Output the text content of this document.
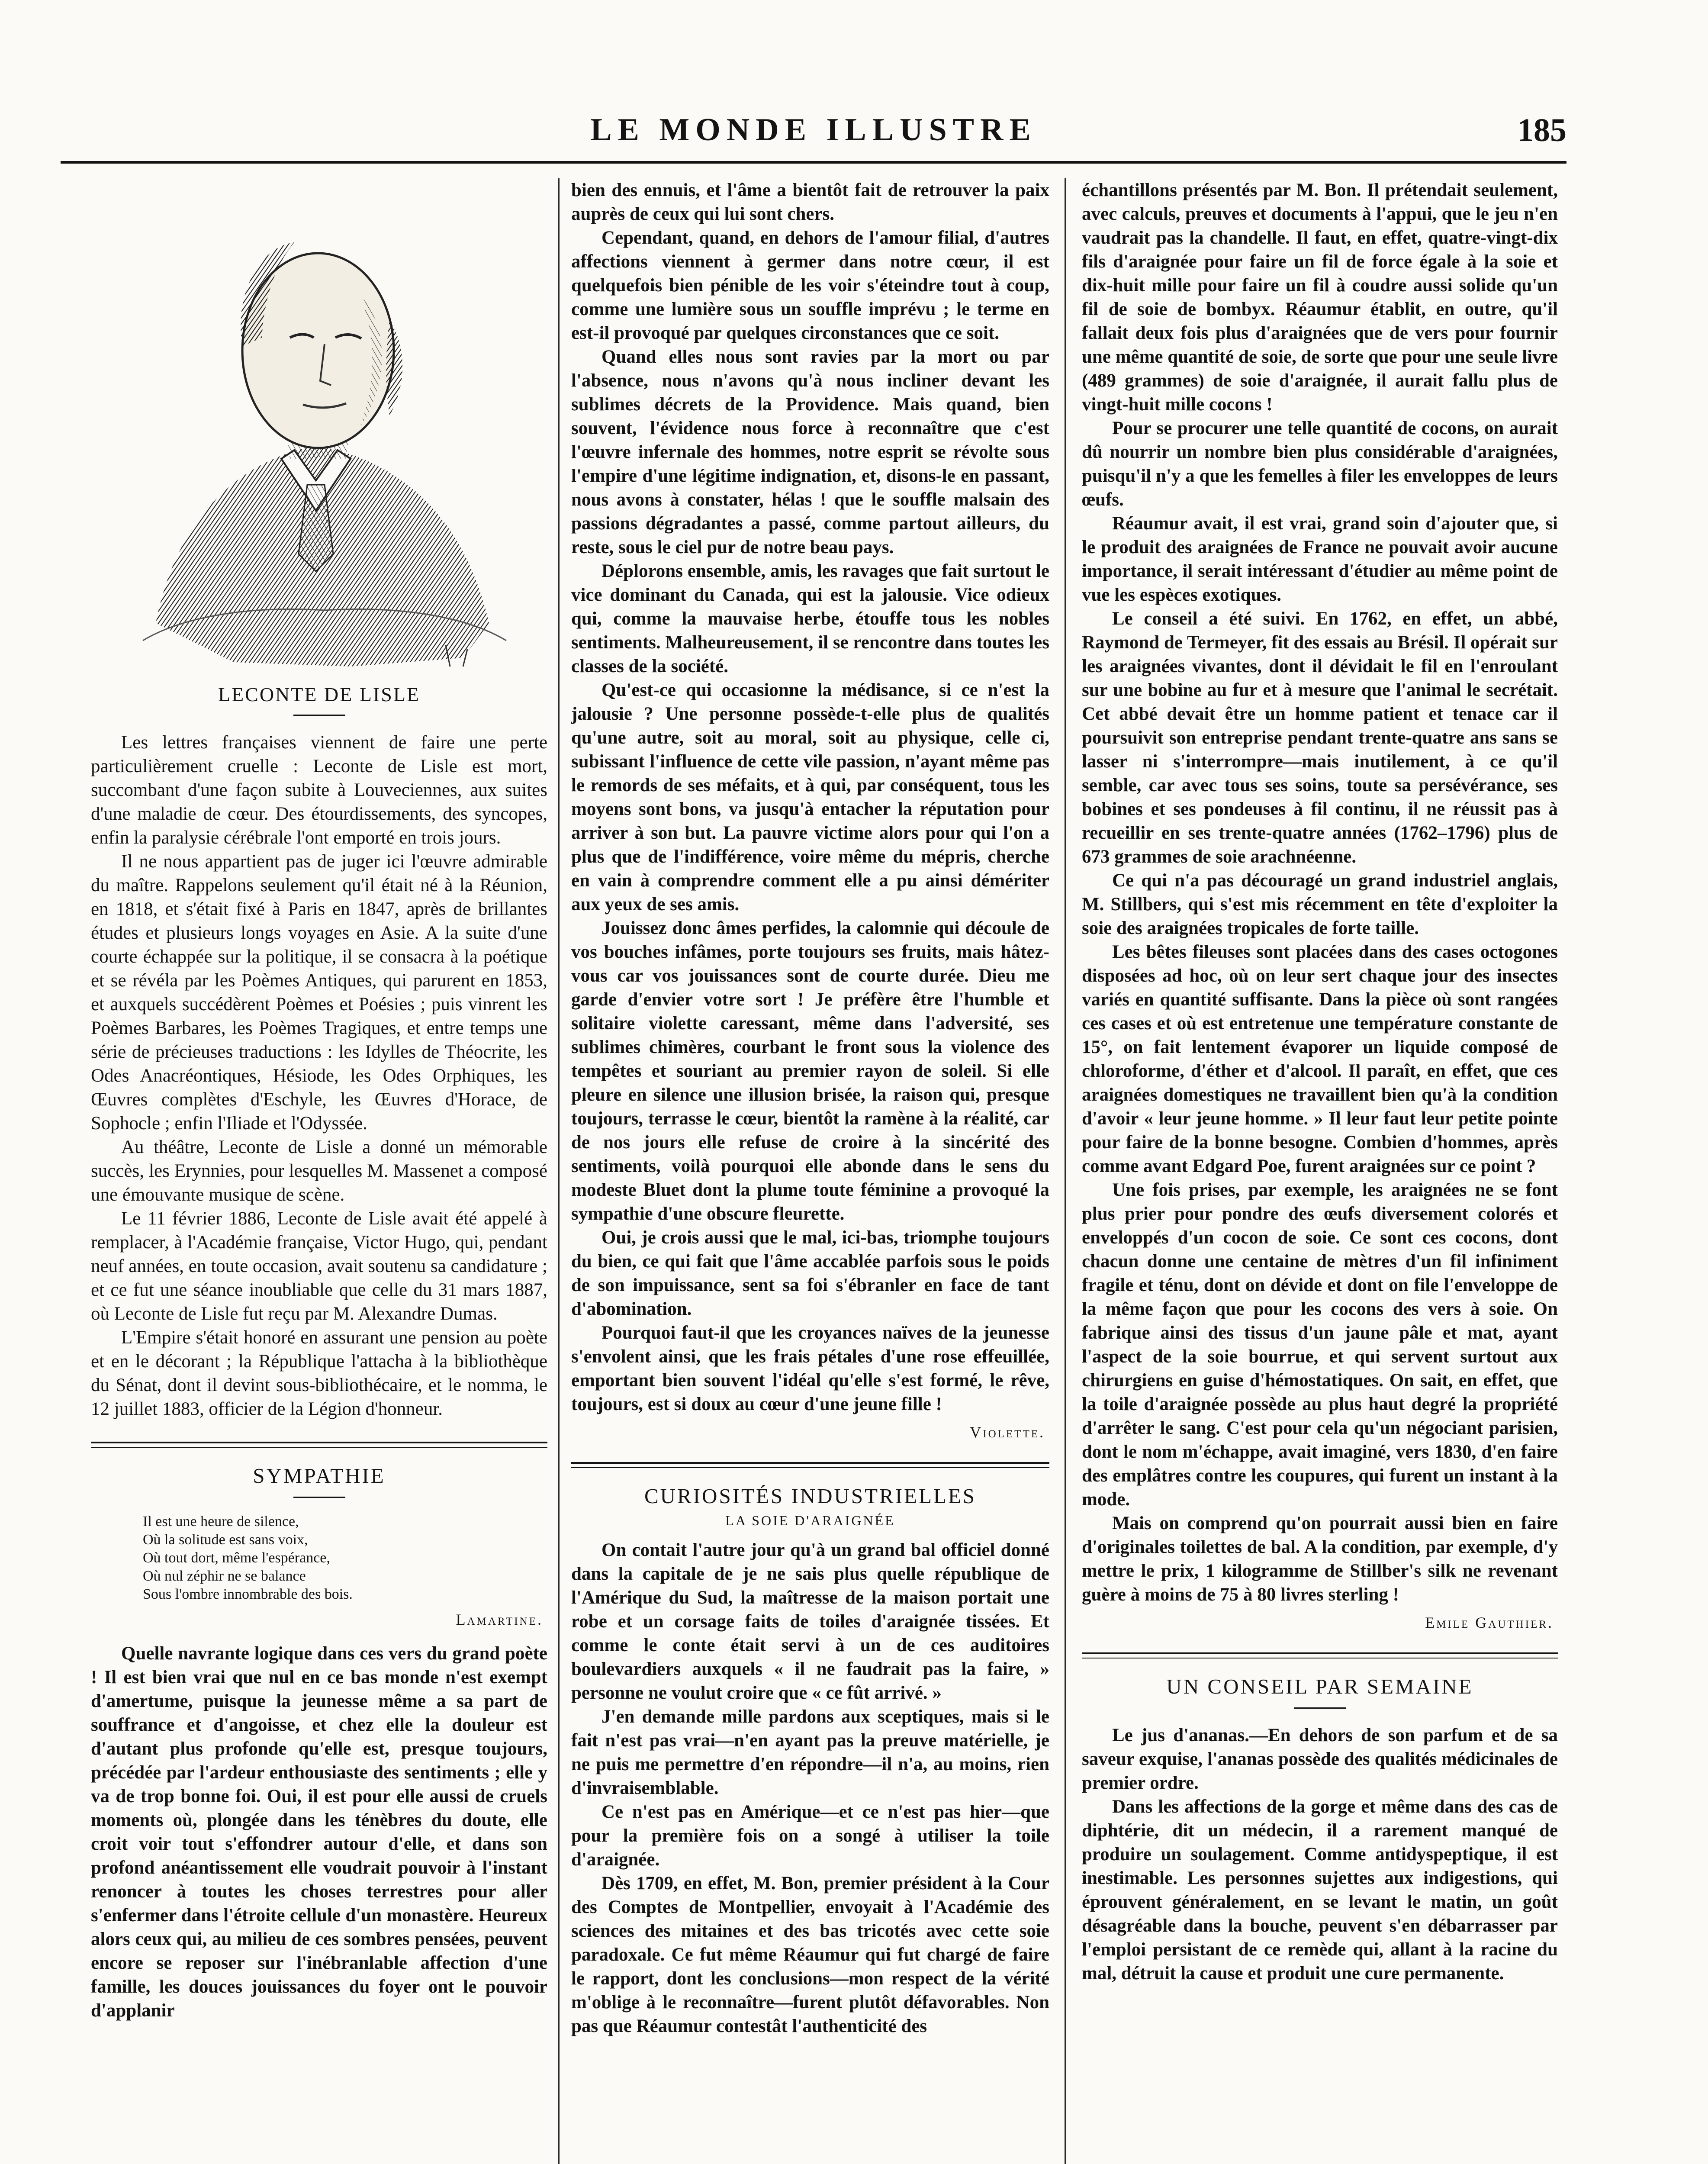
LE MONDE ILLUSTRE	185
LECONTE DE LISLE

Les lettres françaises viennent de faire une perte particulièrement cruelle : Leconte de Lisle est mort, succombant d'une façon subite à Louveciennes, aux suites d'une maladie de cœur. Des étourdissements, des syncopes, enfin la paralysie cérébrale l'ont emporté en trois jours.

Il ne nous appartient pas de juger ici l'œuvre admirable du maître. Rappelons seulement qu'il était né à la Réunion, en 1818, et s'était fixé à Paris en 1847, après de brillantes études et plusieurs longs voyages en Asie. A la suite d'une courte échappée sur la politique, il se consacra à la poétique et se révéla par les Poèmes Antiques, qui parurent en 1853, et auxquels succédèrent Poèmes et Poésies ; puis vinrent les Poèmes Barbares, les Poèmes Tragiques, et entre temps une série de précieuses traductions : les Idylles de Théocrite, les Odes Anacréontiques, Hésiode, les Odes Orphiques, les Œuvres complètes d'Eschyle, les Œuvres d'Horace, de Sophocle ; enfin l'Iliade et l'Odyssée.

Au théâtre, Leconte de Lisle a donné un mémorable succès, les Erynnies, pour lesquelles M. Massenet a composé une émouvante musique de scène.

Le 11 février 1886, Leconte de Lisle avait été appelé à remplacer, à l'Académie française, Victor Hugo, qui, pendant neuf années, en toute occasion, avait soutenu sa candidature ; et ce fut une séance inoubliable que celle du 31 mars 1887, où Leconte de Lisle fut reçu par M. Alexandre Dumas.

L'Empire s'était honoré en assurant une pension au poète et en le décorant ; la République l'attacha à la bibliothèque du Sénat, dont il devint sous-bibliothécaire, et le nomma, le 12 juillet 1883, officier de la Légion d'honneur.

SYMPATHIE
Il est une heure de silence,
Où la solitude est sans voix,
Où tout dort, même l'espérance,
Où nul zéphir ne se balance
Sous l'ombre innombrable des bois.
Lamartine.

Quelle navrante logique dans ces vers du grand poète ! Il est bien vrai que nul en ce bas monde n'est exempt d'amertume, puisque la jeunesse même a sa part de souffrance et d'angoisse, et chez elle la douleur est d'autant plus profonde qu'elle est, presque toujours, précédée par l'ardeur enthousiaste des sentiments ; elle y va de trop bonne foi. Oui, il est pour elle aussi de cruels moments où, plongée dans les ténèbres du doute, elle croit voir tout s'effondrer autour d'elle, et dans son profond anéantissement elle voudrait pouvoir à l'instant renoncer à toutes les choses terrestres pour aller s'enfermer dans l'étroite cellule d'un monastère. Heureux alors ceux qui, au milieu de ces sombres pensées, peuvent encore se reposer sur l'inébranlable affection d'une famille, les douces jouissances du foyer ont le pouvoir d'applanir

bien des ennuis, et l'âme a bientôt fait de retrouver la paix auprès de ceux qui lui sont chers.

Cependant, quand, en dehors de l'amour filial, d'autres affections viennent à germer dans notre cœur, il est quelquefois bien pénible de les voir s'éteindre tout à coup, comme une lumière sous un souffle imprévu ; le terme en est-il provoqué par quelques circonstances que ce soit.

Quand elles nous sont ravies par la mort ou par l'absence, nous n'avons qu'à nous incliner devant les sublimes décrets de la Providence. Mais quand, bien souvent, l'évidence nous force à reconnaître que c'est l'œuvre infernale des hommes, notre esprit se révolte sous l'empire d'une légitime indignation, et, disons-le en passant, nous avons à constater, hélas ! que le souffle malsain des passions dégradantes a passé, comme partout ailleurs, du reste, sous le ciel pur de notre beau pays.

Déplorons ensemble, amis, les ravages que fait surtout le vice dominant du Canada, qui est la jalousie. Vice odieux qui, comme la mauvaise herbe, étouffe tous les nobles sentiments. Malheureusement, il se rencontre dans toutes les classes de la société.

Qu'est-ce qui occasionne la médisance, si ce n'est la jalousie ? Une personne possède-t-elle plus de qualités qu'une autre, soit au moral, soit au physique, celle ci, subissant l'influence de cette vile passion, n'ayant même pas le remords de ses méfaits, et à qui, par conséquent, tous les moyens sont bons, va jusqu'à entacher la réputation pour arriver à son but. La pauvre victime alors pour qui l'on a plus que de l'indifférence, voire même du mépris, cherche en vain à comprendre comment elle a pu ainsi démériter aux yeux de ses amis.

Jouissez donc âmes perfides, la calomnie qui découle de vos bouches infâmes, porte toujours ses fruits, mais hâtez-vous car vos jouissances sont de courte durée. Dieu me garde d'envier votre sort ! Je préfère être l'humble et solitaire violette caressant, même dans l'adversité, ses sublimes chimères, courbant le front sous la violence des tempêtes et souriant au premier rayon de soleil. Si elle pleure en silence une illusion brisée, la raison qui, presque toujours, terrasse le cœur, bientôt la ramène à la réalité, car de nos jours elle refuse de croire à la sincérité des sentiments, voilà pourquoi elle abonde dans le sens du modeste Bluet dont la plume toute féminine a provoqué la sympathie d'une obscure fleurette.

Oui, je crois aussi que le mal, ici-bas, triomphe toujours du bien, ce qui fait que l'âme accablée parfois sous le poids de son impuissance, sent sa foi s'ébranler en face de tant d'abomination.

Pourquoi faut-il que les croyances naïves de la jeunesse s'envolent ainsi, que les frais pétales d'une rose effeuillée, emportant bien souvent l'idéal qu'elle s'est formé, le rêve, toujours, est si doux au cœur d'une jeune fille !

Violette.
CURIOSITÉS INDUSTRIELLES
LA SOIE D'ARAIGNÉE

On contait l'autre jour qu'à un grand bal officiel donné dans la capitale de je ne sais plus quelle république de l'Amérique du Sud, la maîtresse de la maison portait une robe et un corsage faits de toiles d'araignée tissées. Et comme le conte était servi à un de ces auditoires boulevardiers auxquels « il ne faudrait pas la faire, » personne ne voulut croire que « ce fût arrivé. »

J'en demande mille pardons aux sceptiques, mais si le fait n'est pas vrai—n'en ayant pas la preuve matérielle, je ne puis me permettre d'en répondre—il n'a, au moins, rien d'invraisemblable.

Ce n'est pas en Amérique—et ce n'est pas hier—que pour la première fois on a songé à utiliser la toile d'araignée.

Dès 1709, en effet, M. Bon, premier président à la Cour des Comptes de Montpellier, envoyait à l'Académie des sciences des mitaines et des bas tricotés avec cette soie paradoxale. Ce fut même Réaumur qui fut chargé de faire le rapport, dont les conclusions—mon respect de la vérité m'oblige à le reconnaître—furent plutôt défavorables. Non pas que Réaumur contestât l'authenticité des

échantillons présentés par M. Bon. Il prétendait seulement, avec calculs, preuves et documents à l'appui, que le jeu n'en vaudrait pas la chandelle. Il faut, en effet, quatre-vingt-dix fils d'araignée pour faire un fil de force égale à la soie et dix-huit mille pour faire un fil à coudre aussi solide qu'un fil de soie de bombyx. Réaumur établit, en outre, qu'il fallait deux fois plus d'araignées que de vers pour fournir une même quantité de soie, de sorte que pour une seule livre (489 grammes) de soie d'araignée, il aurait fallu plus de vingt-huit mille cocons !

Pour se procurer une telle quantité de cocons, on aurait dû nourrir un nombre bien plus considérable d'araignées, puisqu'il n'y a que les femelles à filer les enveloppes de leurs œufs.

Réaumur avait, il est vrai, grand soin d'ajouter que, si le produit des araignées de France ne pouvait avoir aucune importance, il serait intéressant d'étudier au même point de vue les espèces exotiques.

Le conseil a été suivi. En 1762, en effet, un abbé, Raymond de Termeyer, fit des essais au Brésil. Il opérait sur les araignées vivantes, dont il dévidait le fil en l'enroulant sur une bobine au fur et à mesure que l'animal le secrétait. Cet abbé devait être un homme patient et tenace car il poursuivit son entreprise pendant trente-quatre ans sans se lasser ni s'interrompre—mais inutilement, à ce qu'il semble, car avec tous ses soins, toute sa persévérance, ses bobines et ses pondeuses à fil continu, il ne réussit pas à recueillir en ses trente-quatre années (1762–1796) plus de 673 grammes de soie arachnéenne.

Ce qui n'a pas découragé un grand industriel anglais, M. Stillbers, qui s'est mis récemment en tête d'exploiter la soie des araignées tropicales de forte taille.

Les bêtes fileuses sont placées dans des cases octogones disposées ad hoc, où on leur sert chaque jour des insectes variés en quantité suffisante. Dans la pièce où sont rangées ces cases et où est entretenue une température constante de 15°, on fait lentement évaporer un liquide composé de chloroforme, d'éther et d'alcool. Il paraît, en effet, que ces araignées domestiques ne travaillent bien qu'à la condition d'avoir « leur jeune homme. » Il leur faut leur petite pointe pour faire de la bonne besogne. Combien d'hommes, après comme avant Edgard Poe, furent araignées sur ce point ?

Une fois prises, par exemple, les araignées ne se font plus prier pour pondre des œufs diversement colorés et enveloppés d'un cocon de soie. Ce sont ces cocons, dont chacun donne une centaine de mètres d'un fil infiniment fragile et ténu, dont on dévide et dont on file l'enveloppe de la même façon que pour les cocons des vers à soie. On fabrique ainsi des tissus d'un jaune pâle et mat, ayant l'aspect de la soie bourrue, et qui servent surtout aux chirurgiens en guise d'hémostatiques. On sait, en effet, que la toile d'araignée possède au plus haut degré la propriété d'arrêter le sang. C'est pour cela qu'un négociant parisien, dont le nom m'échappe, avait imaginé, vers 1830, d'en faire des emplâtres contre les coupures, qui furent un instant à la mode.

Mais on comprend qu'on pourrait aussi bien en faire d'originales toilettes de bal. A la condition, par exemple, d'y mettre le prix, 1 kilogramme de Stillber's silk ne revenant guère à moins de 75 à 80 livres sterling !

Emile Gauthier.
UN CONSEIL PAR SEMAINE

Le jus d'ananas.—En dehors de son parfum et de sa saveur exquise, l'ananas possède des qualités médicinales de premier ordre.

Dans les affections de la gorge et même dans des cas de diphtérie, dit un médecin, il a rarement manqué de produire un soulagement. Comme antidyspeptique, il est inestimable. Les personnes sujettes aux indigestions, qui éprouvent généralement, en se levant le matin, un goût désagréable dans la bouche, peuvent s'en débarrasser par l'emploi persistant de ce remède qui, allant à la racine du mal, détruit la cause et produit une cure permanente.
